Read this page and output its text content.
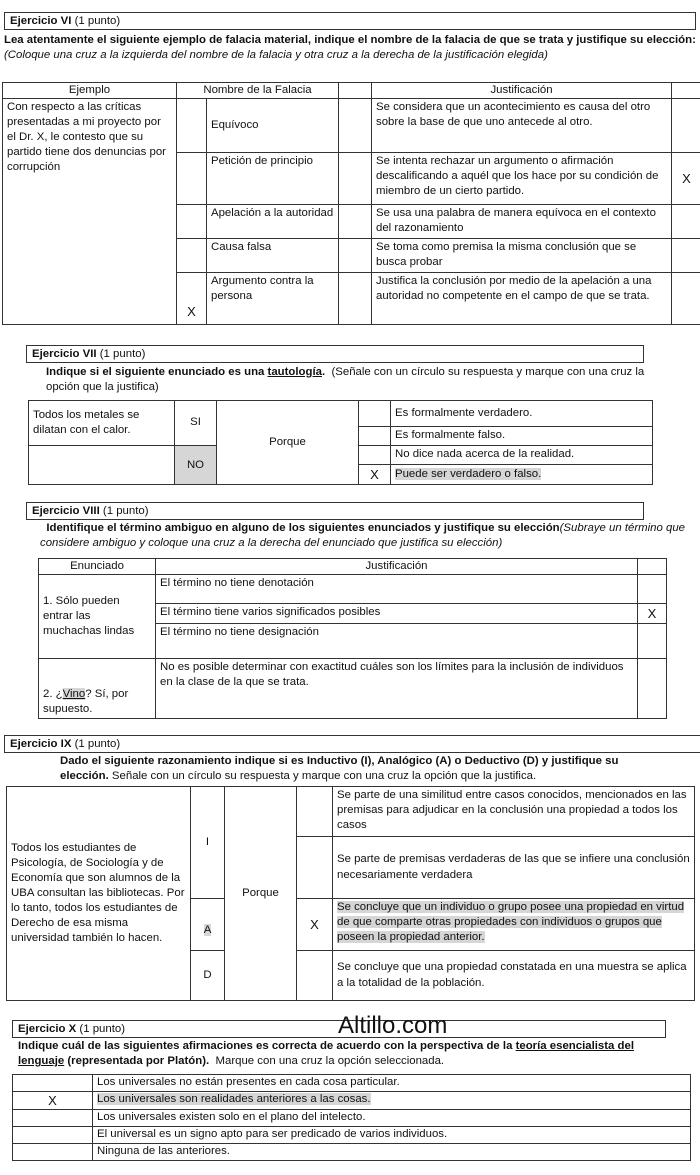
Ejercicio VI (1 punto)
Lea atentamente el siguiente ejemplo de falacia material, indique el nombre de la falacia de que se trata y justifique su elección: (Coloque una cruz a la izquierda del nombre de la falacia y otra cruz a la derecha de la justificación elegida)
Ejemplo	Nombre de la Falacia			Justificación	
Con respecto a las críticas presentadas a mi proyecto por el Dr. X, le contesto que su partido tiene dos denuncias por corrupción		Equívoco		Se considera que un acontecimiento es causa del otro sobre la base de que uno antecede al otro.	
		Petición de principio		Se intenta rechazar un argumento o afirmación descalificando a aquél que los hace por su condición de miembro de un cierto partido.	X
		Apelación a la autoridad		Se usa una palabra de manera equívoca en el contexto del razonamiento	
		Causa falsa		Se toma como premisa la misma conclusión que se busca probar	
	X	Argumento contra la persona		Justifica la conclusión por medio de la apelación a una autoridad no competente en el campo de que se trata.	
Ejercicio VII (1 punto)
Indique si el siguiente enunciado es una tautología. (Señale con un círculo su respuesta y marque con una cruz la opción que la justifica)
Todos los metales se dilatan con el calor.	SI	Porque		Es formalmente verdadero.
				Es formalmente falso.
	NO			No dice nada acerca de la realidad.
			X	Puede ser verdadero o falso.
Ejercicio VIII (1 punto)
Identifique el término ambiguo en alguno de los siguientes enunciados y justifique su elección(Subraye un término que considere ambiguo y coloque una cruz a la derecha del enunciado que justifica su elección)
Enunciado	Justificación	
1. Sólo pueden entrar las muchachas lindas	El término no tiene denotación	
	El término tiene varios significados posibles	X
	El término no tiene designación	
2. ¿Vino? Sí, por supuesto.	No es posible determinar con exactitud cuáles son los límites para la inclusión de individuos en la clase de la que se trata.	
Ejercicio IX (1 punto)
Dado el siguiente razonamiento indique si es Inductivo (I), Analógico (A) o Deductivo (D) y justifique su elección. Señale con un círculo su respuesta y marque con una cruz la opción que la justifica.
Todos los estudiantes de Psicología, de Sociología y de Economía que son alumnos de la UBA consultan las bibliotecas. Por lo tanto, todos los estudiantes de Derecho de esa misma universidad también lo hacen.	I	Porque		Se parte de una similitud entre casos conocidos, mencionados en las premisas para adjudicar en la conclusión una propiedad a todos los casos
				Se parte de premisas verdaderas de las que se infiere una conclusión necesariamente verdadera
	A		X	Se concluye que un individuo o grupo posee una propiedad en virtud de que comparte otras propiedades con individuos o grupos que poseen la propiedad anterior.
	D			Se concluye que una propiedad constatada en una muestra se aplica a la totalidad de la población.
Ejercicio X (1 punto)	Altillo.com
Indique cuál de las siguientes afirmaciones es correcta de acuerdo con la perspectiva de la teoría esencialista del lenguaje (representada por Platón). Marque con una cruz la opción seleccionada.
	Los universales no están presentes en cada cosa particular.
X	Los universales son realidades anteriores a las cosas.
	Los universales existen solo en el plano del intelecto.
	El universal es un signo apto para ser predicado de varios individuos.
	Ninguna de las anteriores.
